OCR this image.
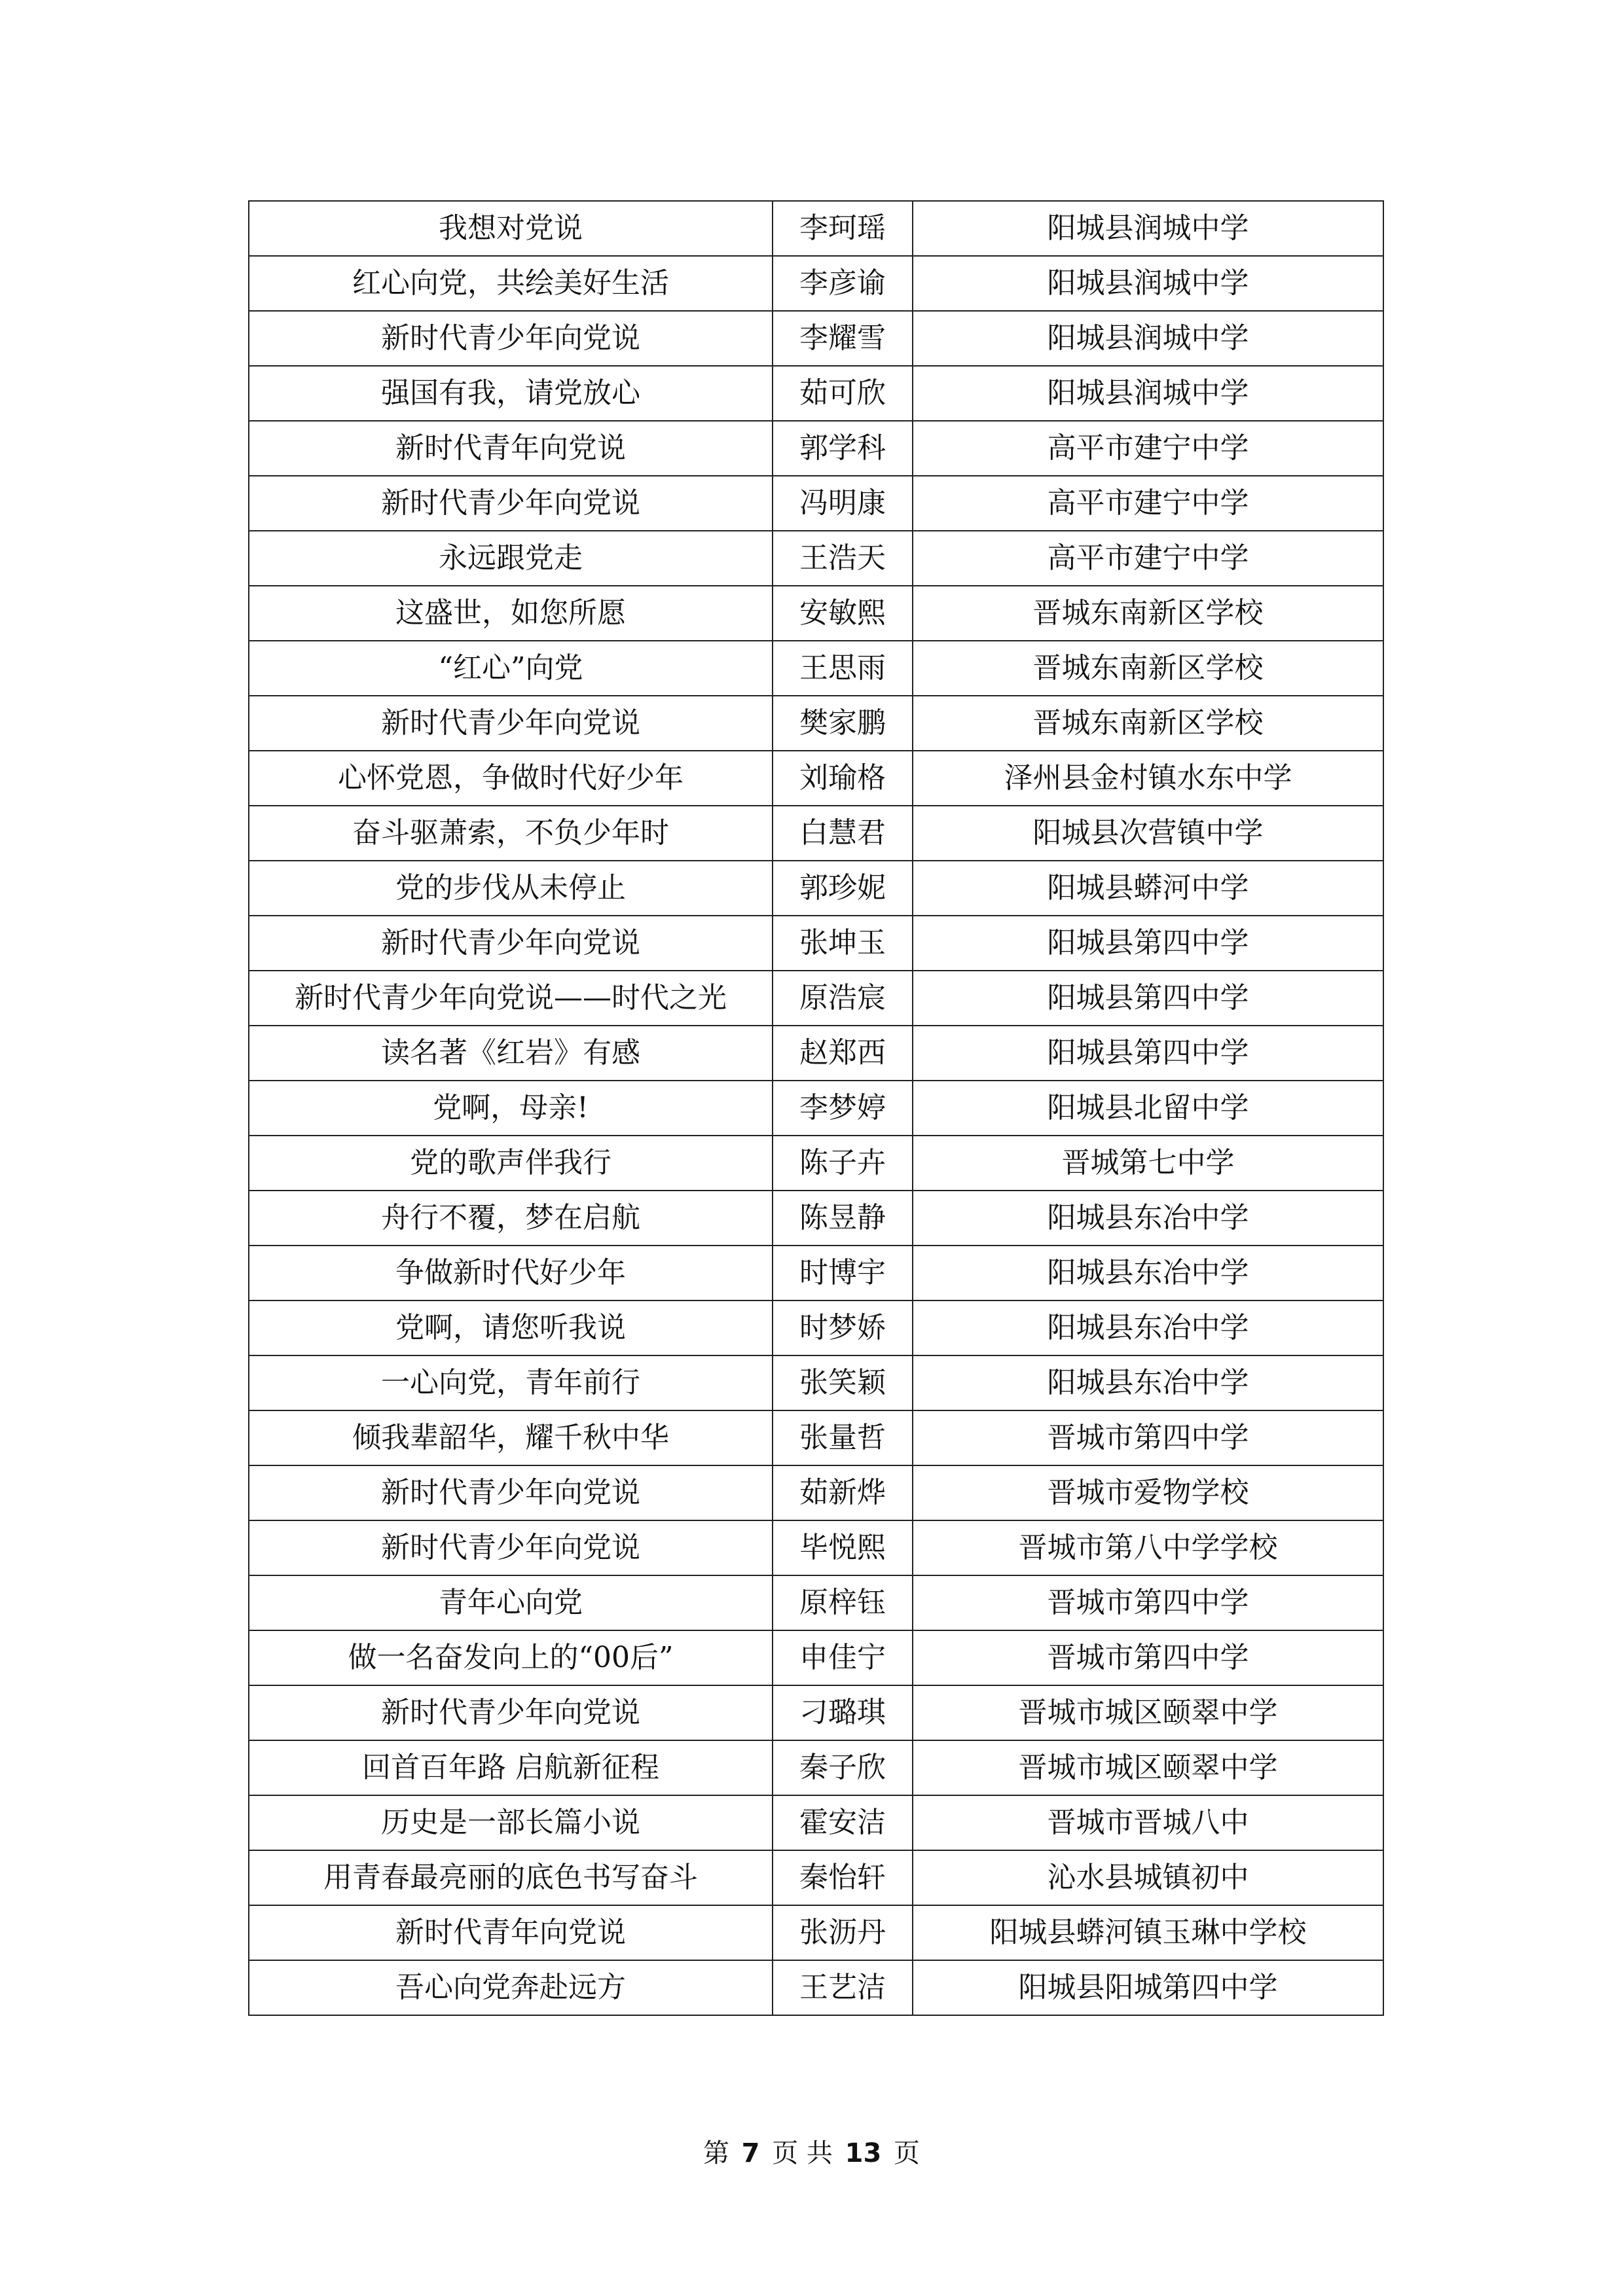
我想对党说	李珂瑶	阳城县润城中学
红心向党，共绘美好生活	李彦谕	阳城县润城中学
新时代青少年向党说	李耀雪	阳城县润城中学
强国有我，请党放心	茹可欣	阳城县润城中学
新时代青年向党说	郭学科	高平市建宁中学
新时代青少年向党说	冯明康	高平市建宁中学
永远跟党走	王浩天	高平市建宁中学
这盛世，如您所愿	安敏熙	晋城东南新区学校
“红心”向党	王思雨	晋城东南新区学校
新时代青少年向党说	樊家鹏	晋城东南新区学校
心怀党恩，争做时代好少年	刘瑜格	泽州县金村镇水东中学
奋斗驱萧索，不负少年时	白慧君	阳城县次营镇中学
党的步伐从未停止	郭珍妮	阳城县蟒河中学
新时代青少年向党说	张坤玉	阳城县第四中学
新时代青少年向党说——时代之光	原浩宸	阳城县第四中学
读名著《红岩》有感	赵郑西	阳城县第四中学
党啊，母亲!	李梦婷	阳城县北留中学
党的歌声伴我行	陈子卉	晋城第七中学
舟行不覆，梦在启航	陈昱静	阳城县东冶中学
争做新时代好少年	时博宇	阳城县东冶中学
党啊，请您听我说	时梦娇	阳城县东冶中学
一心向党，青年前行	张笑颖	阳城县东冶中学
倾我辈韶华，耀千秋中华	张量哲	晋城市第四中学
新时代青少年向党说	茹新烨	晋城市爱物学校
新时代青少年向党说	毕悦熙	晋城市第八中学学校
青年心向党	原梓钰	晋城市第四中学
做一名奋发向上的“00后”	申佳宁	晋城市第四中学
新时代青少年向党说	刁璐琪	晋城市城区颐翠中学
回首百年路 启航新征程	秦子欣	晋城市城区颐翠中学
历史是一部长篇小说	霍安洁	晋城市晋城八中
用青春最亮丽的底色书写奋斗	秦怡轩	沁水县城镇初中
新时代青年向党说	张沥丹	阳城县蟒河镇玉琳中学校
吾心向党奔赴远方	王艺洁	阳城县阳城第四中学
第 7 页 共 13 页
